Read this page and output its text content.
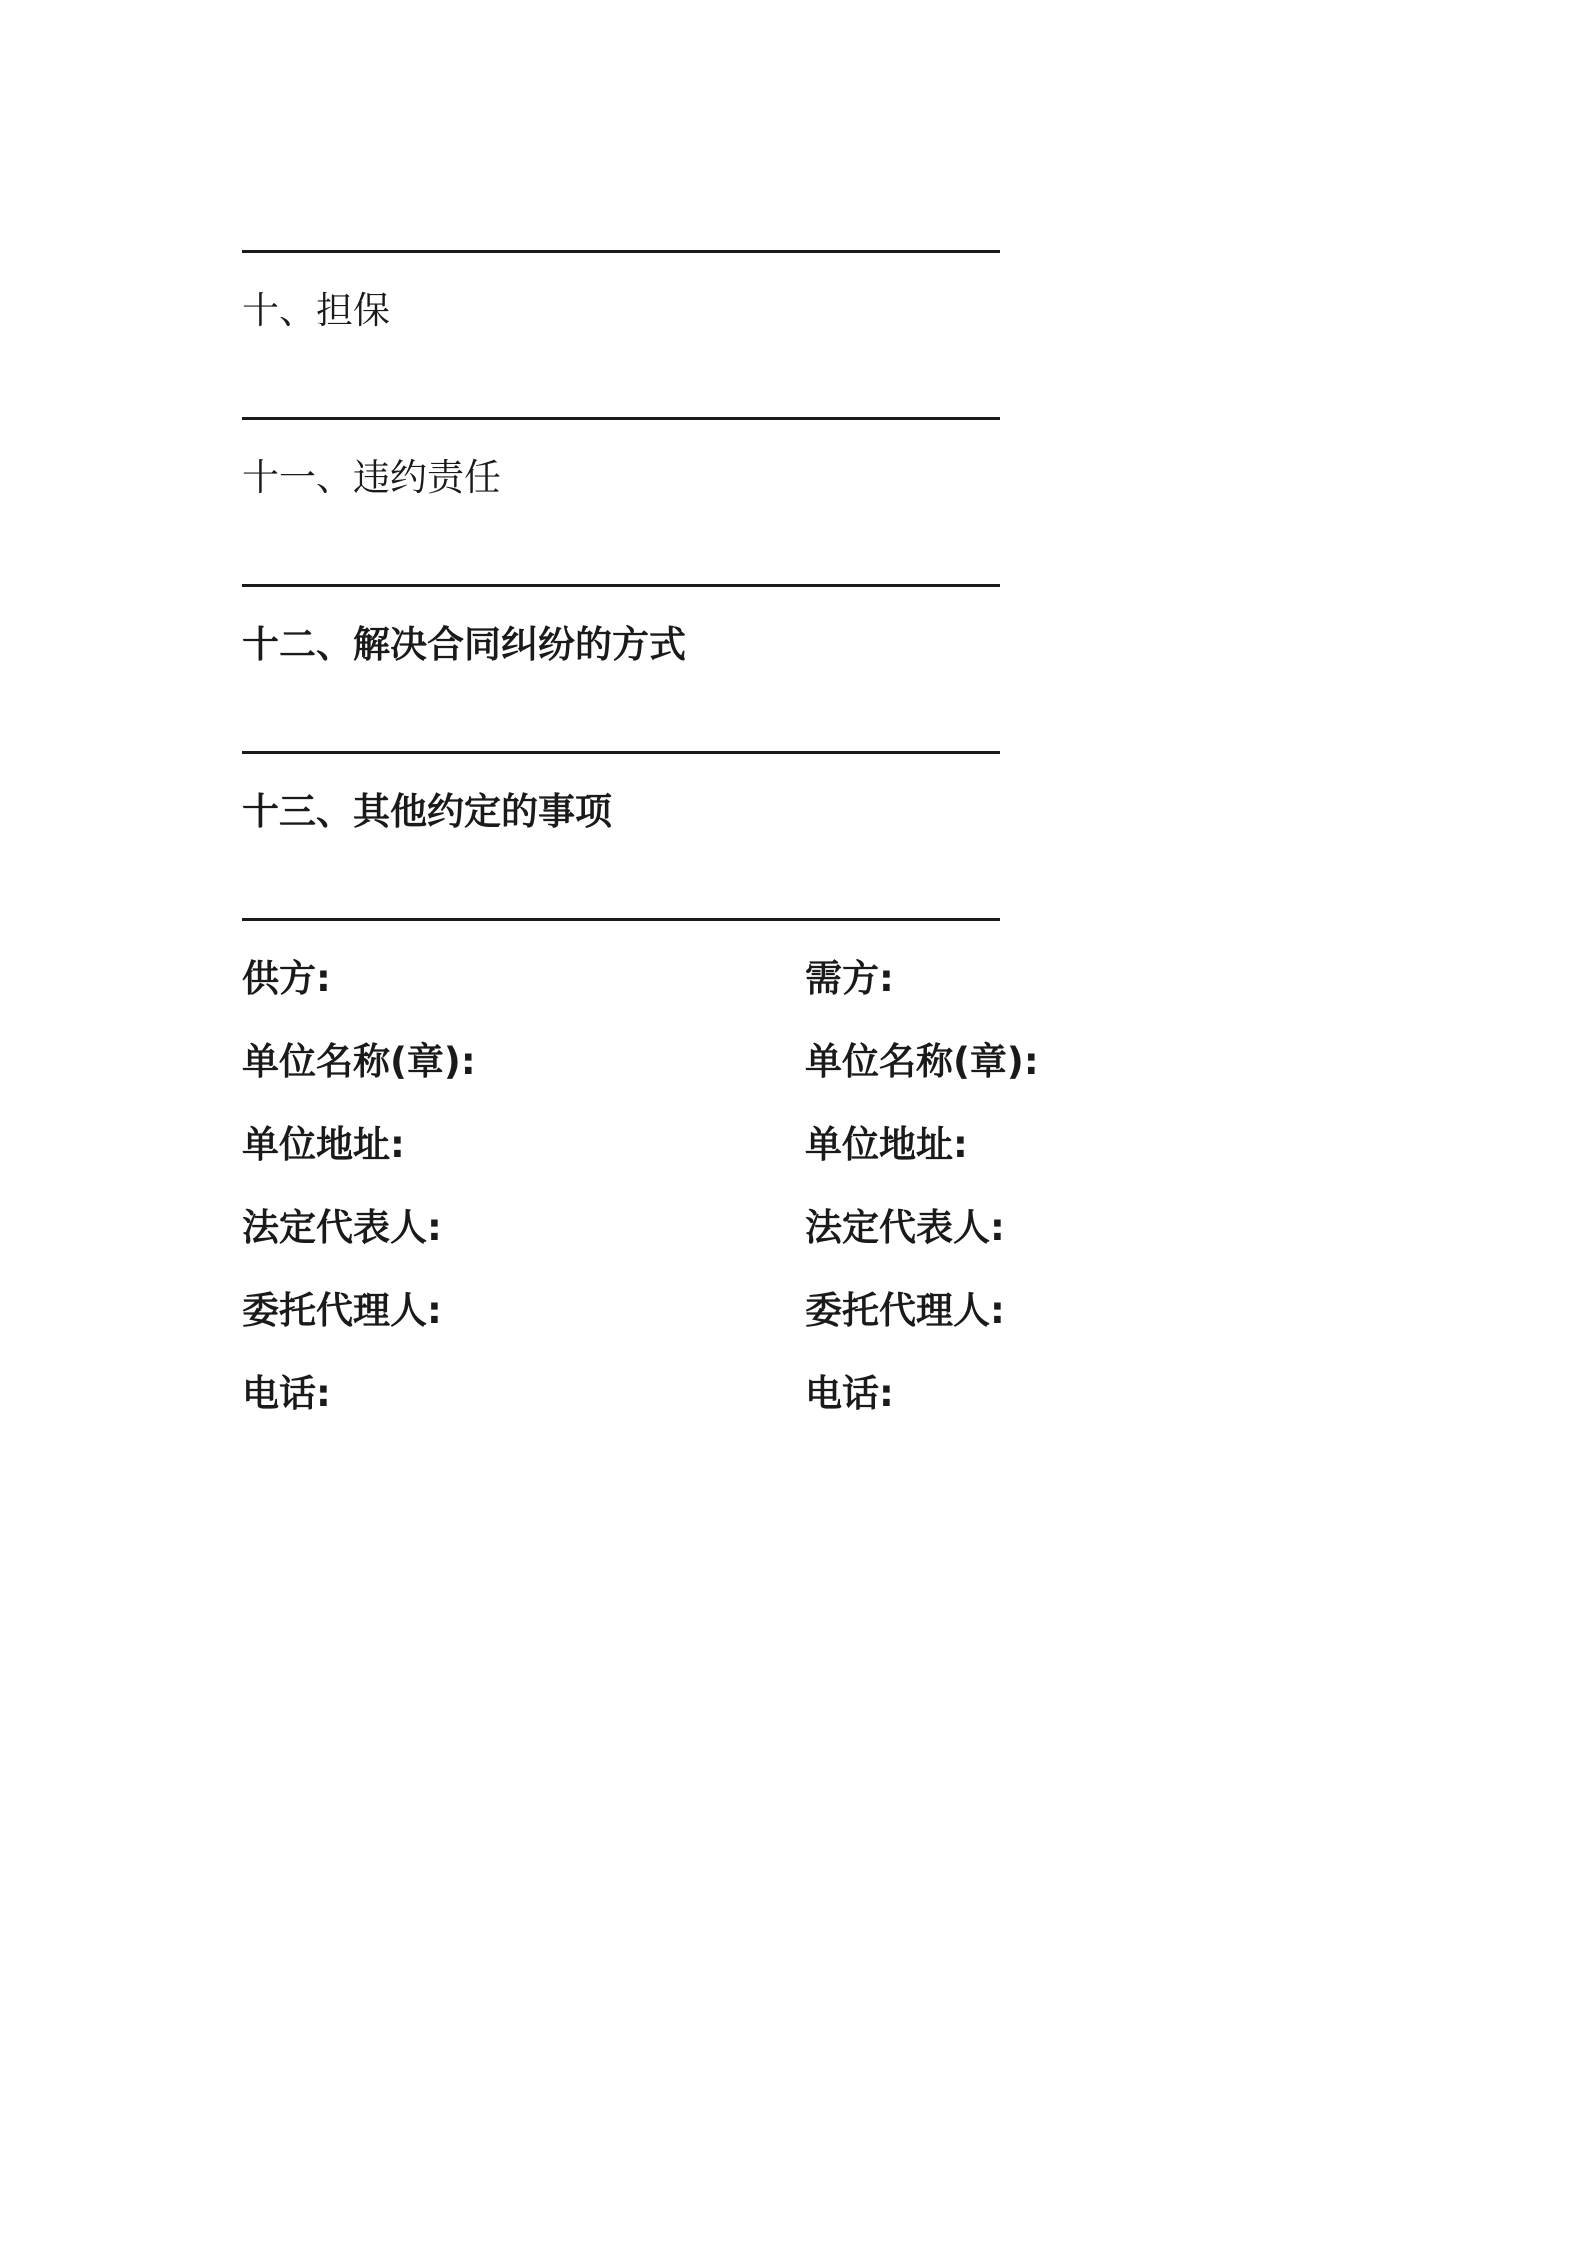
十、担保
十一、违约责任
十二、解决合同纠纷的方式
十三、其他约定的事项
供方:
单位名称(章):
单位地址:
法定代表人:
委托代理人:
电话:
需方:
单位名称(章):
单位地址:
法定代表人:
委托代理人:
电话:
